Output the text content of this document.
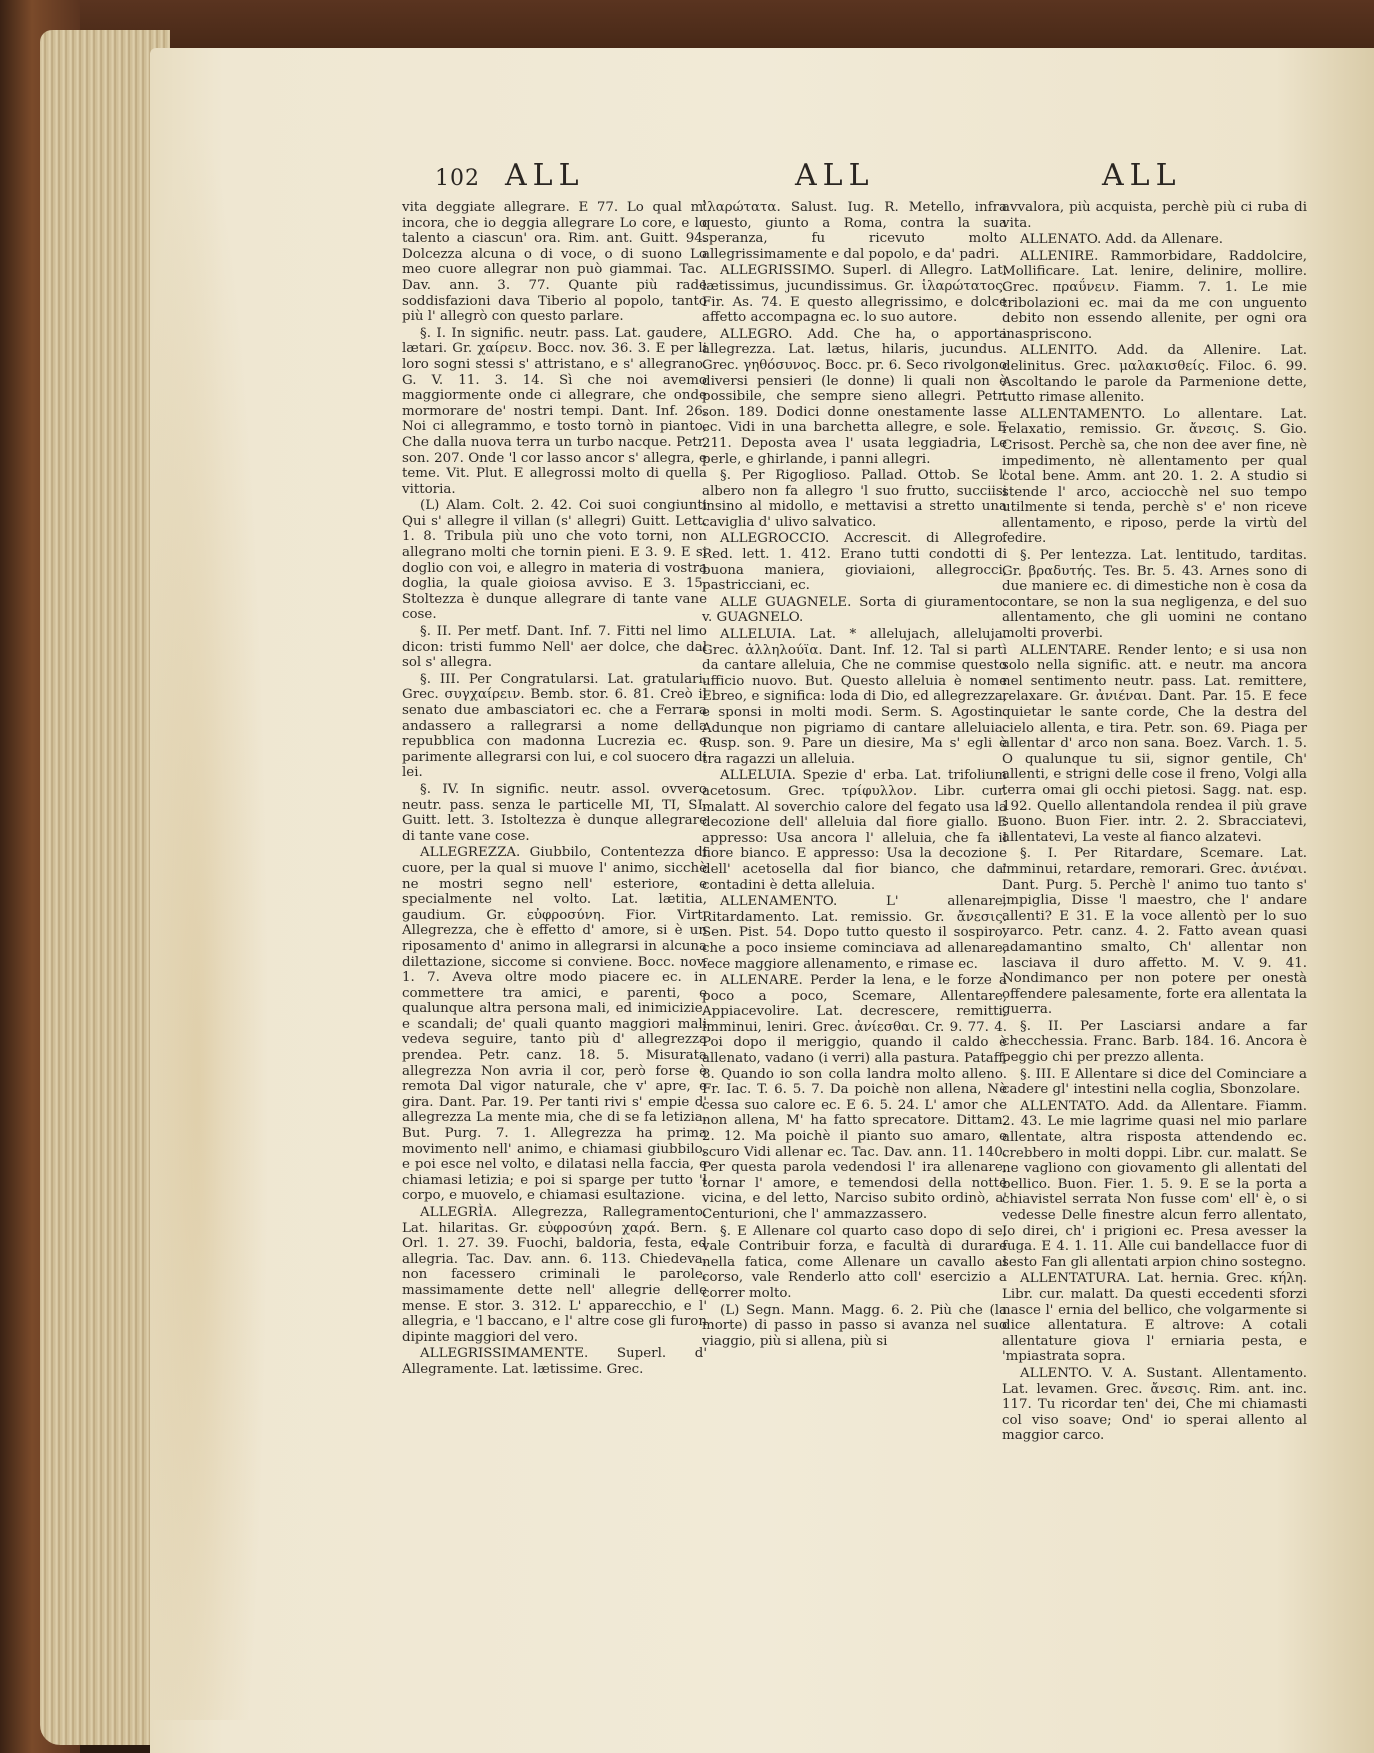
102 ALL	ALL	ALL

vita deggiate allegrare. E 77. Lo qual m' incora, che io deggia allegrare Lo core, e lo talento a ciascun' ora. Rim. ant. Guitt. 94. Dolcezza alcuna o di voce, o di suono Lo meo cuore allegrar non può giammai. Tac. Dav. ann. 3. 77. Quante più rade soddisfazioni dava Tiberio al popolo, tanto più l' allegrò con questo parlare.

§. I. In signific. neutr. pass. Lat. gaudere, lætari. Gr. χαίρειν. Bocc. nov. 36. 3. E per li loro sogni stessi s' attristano, e s' allegrano. G. V. 11. 3. 14. Sì che noi avemo maggiormente onde ci allegrare, che onde mormorare de' nostri tempi. Dant. Inf. 26. Noi ci allegrammo, e tosto tornò in pianto, Che dalla nuova terra un turbo nacque. Petr. son. 207. Onde 'l cor lasso ancor s' allegra, e teme. Vit. Plut. E allegrossi molto di quella vittoria.

(L) Alam. Colt. 2. 42. Coi suoi congiunti Qui s' allegre il villan (s' allegri) Guitt. Lett. 1. 8. Tribula più uno che voto torni, non allegrano molti che tornin pieni. E 3. 9. E si doglio con voi, e allegro in materia di vostra doglia, la quale gioiosa avviso. E 3. 15. Stoltezza è dunque allegrare di tante vane cose.

§. II. Per metf. Dant. Inf. 7. Fitti nel limo dicon: tristi fummo Nell' aer dolce, che dal sol s' allegra.

§. III. Per Congratularsi. Lat. gratulari. Grec. συγχαίρειν. Bemb. stor. 6. 81. Creò il senato due ambasciatori ec. che a Ferrara andassero a rallegrarsi a nome della repubblica con madonna Lucrezia ec. e parimente allegrarsi con lui, e col suocero di lei.

§. IV. In signific. neutr. assol. ovvero neutr. pass. senza le particelle MI, TI, SI. Guitt. lett. 3. Istoltezza è dunque allegrare di tante vane cose.

ALLEGREZZA. Giubbilo, Contentezza di cuore, per la qual si muove l' animo, sicchè ne mostri segno nell' esteriore, e specialmente nel volto. Lat. lætitia, gaudium. Gr. εὐφροσύνη. Fior. Virt. Allegrezza, che è effetto d' amore, si è un riposamento d' animo in allegrarsi in alcuna dilettazione, siccome si conviene. Bocc. nov. 1. 7. Aveva oltre modo piacere ec. in commettere tra amici, e parenti, e qualunque altra persona mali, ed inimicizie, e scandali; de' quali quanto maggiori mali vedeva seguire, tanto più d' allegrezza prendea. Petr. canz. 18. 5. Misurata allegrezza Non avria il cor, però forse è remota Dal vigor naturale, che v' apre, e gira. Dant. Par. 19. Per tanti rivi s' empie d' allegrezza La mente mia, che di se fa letizia. But. Purg. 7. 1. Allegrezza ha prima movimento nell' animo, e chiamasi giubbilo, e poi esce nel volto, e dilatasi nella faccia, e chiamasi letizia; e poi si sparge per tutto 'l corpo, e muovelo, e chiamasi esultazione.

ALLEGRÌA. Allegrezza, Rallegramento. Lat. hilaritas. Gr. εὐφροσύνη χαρά. Bern. Orl. 1. 27. 39. Fuochi, baldoria, festa, ed allegria. Tac. Dav. ann. 6. 113. Chiedeva, non facessero criminali le parole, massimamente dette nell' allegrie delle mense. E stor. 3. 312. L' apparecchio, e l' allegria, e 'l baccano, e l' altre cose gli furon dipinte maggiori del vero.

ALLEGRISSIMAMENTE. Superl. d' Allegramente. Lat. lætissime. Grec.

ἱλαρώτατα. Salust. Iug. R. Metello, infra questo, giunto a Roma, contra la sua speranza, fu ricevuto molto allegrissimamente e dal popolo, e da' padri.

ALLEGRISSIMO. Superl. di Allegro. Lat. lætissimus, jucundissimus. Gr. ἱλαρώτατος. Fir. As. 74. E questo allegrissimo, e dolce affetto accompagna ec. lo suo autore.

ALLEGRO. Add. Che ha, o apporta allegrezza. Lat. lætus, hilaris, jucundus. Grec. γηθόσυνος. Bocc. pr. 6. Seco rivolgono diversi pensieri (le donne) li quali non è possibile, che sempre sieno allegri. Petr. son. 189. Dodici donne onestamente lasse ec. Vidi in una barchetta allegre, e sole. E 211. Deposta avea l' usata leggiadria, Le perle, e ghirlande, i panni allegri.

§. Per Rigoglioso. Pallad. Ottob. Se l' albero non fa allegro 'l suo frutto, succiisi insino al midollo, e mettavisi a stretto una caviglia d' ulivo salvatico.

ALLEGROCCIO. Accrescit. di Allegro. Red. lett. 1. 412. Erano tutti condotti di buona maniera, gioviaioni, allegrocci, pastricciani, ec.

ALLE GUAGNELE. Sorta di giuramento. v. GUAGNELO.

ALLELUIA. Lat. * allelujach, alleluja. Grec. ἀλληλούϊα. Dant. Inf. 12. Tal si partì da cantare alleluia, Che ne commise questo ufficio nuovo. But. Questo alleluia è nome Ebreo, e significa: loda di Dio, ed allegrezza, e sponsi in molti modi. Serm. S. Agostin. Adunque non pigriamo di cantare alleluia. Rusp. son. 9. Pare un diesire, Ma s' egli è tra ragazzi un alleluia.

ALLELUIA. Spezie d' erba. Lat. trifolium acetosum. Grec. τρίφυλλον. Libr. cur. malatt. Al soverchio calore del fegato usa la decozione dell' alleluia dal fiore giallo. E appresso: Usa ancora l' alleluia, che fa il fiore bianco. E appresso: Usa la decozione dell' acetosella dal fior bianco, che da' contadini è detta alleluia.

ALLENAMENTO. L' allenare, Ritardamento. Lat. remissio. Gr. ἄνεσις. Sen. Pist. 54. Dopo tutto questo il sospiro, che a poco insieme cominciava ad allenare, fece maggiore allenamento, e rimase ec.

ALLENARE. Perder la lena, e le forze a poco a poco, Scemare, Allentare, Appiacevolire. Lat. decrescere, remitti, imminui, leniri. Grec. ἀνίεσθαι. Cr. 9. 77. 4. Poi dopo il meriggio, quando il caldo è allenato, vadano (i verri) alla pastura. Pataff. 8. Quando io son colla landra molto alleno. Fr. Iac. T. 6. 5. 7. Da poichè non allena, Nè cessa suo calore ec. E 6. 5. 24. L' amor che non allena, M' ha fatto sprecatore. Dittam. 2. 12. Ma poichè il pianto suo amaro, e scuro Vidi allenar ec. Tac. Dav. ann. 11. 140. Per questa parola vedendosi l' ira allenare, tornar l' amore, e temendosi della notte vicina, e del letto, Narciso subito ordinò, a' Centurioni, che l' ammazzassero.

§. E Allenare col quarto caso dopo di se, vale Contribuir forza, e facultà di durare nella fatica, come Allenare un cavallo al corso, vale Renderlo atto coll' esercizio a correr molto.

(L) Segn. Mann. Magg. 6. 2. Più che (la morte) di passo in passo si avanza nel suo viaggio, più si allena, più si

avvalora, più acquista, perchè più ci ruba di vita.

ALLENATO. Add. da Allenare.

ALLENIRE. Rammorbidare, Raddolcire, Mollificare. Lat. lenire, delinire, mollire. Grec. πραΰνειν. Fiamm. 7. 1. Le mie tribolazioni ec. mai da me con unguento debito non essendo allenite, per ogni ora inaspriscono.

ALLENITO. Add. da Allenire. Lat. delinitus. Grec. μαλακισθείς. Filoc. 6. 99. Ascoltando le parole da Parmenione dette, tutto rimase allenito.

ALLENTAMENTO. Lo allentare. Lat. relaxatio, remissio. Gr. ἄνεσις. S. Gio. Crisost. Perchè sa, che non dee aver fine, nè impedimento, nè allentamento per qual cotal bene. Amm. ant 20. 1. 2. A studio si stende l' arco, acciocchè nel suo tempo utilmente si tenda, perchè s' e' non riceve allentamento, e riposo, perde la virtù del fedire.

§. Per lentezza. Lat. lentitudo, tarditas. Gr. βραδυτής. Tes. Br. 5. 43. Arnes sono di due maniere ec. di dimestiche non è cosa da contare, se non la sua negligenza, e del suo allentamento, che gli uomini ne contano molti proverbi.

ALLENTARE. Render lento; e si usa non solo nella signific. att. e neutr. ma ancora nel sentimento neutr. pass. Lat. remittere, relaxare. Gr. ἀνιέναι. Dant. Par. 15. E fece quietar le sante corde, Che la destra del cielo allenta, e tira. Petr. son. 69. Piaga per allentar d' arco non sana. Boez. Varch. 1. 5. O qualunque tu sii, signor gentile, Ch' allenti, e strigni delle cose il freno, Volgi alla terra omai gli occhi pietosi. Sagg. nat. esp. 192. Quello allentandola rendea il più grave suono. Buon Fier. intr. 2. 2. Sbracciatevi, allentatevi, La veste al fianco alzatevi.

§. I. Per Ritardare, Scemare. Lat. imminui, retardare, remorari. Grec. ἀνιέναι. Dant. Purg. 5. Perchè l' animo tuo tanto s' impiglia, Disse 'l maestro, che l' andare allenti? E 31. E la voce allentò per lo suo varco. Petr. canz. 4. 2. Fatto avean quasi adamantino smalto, Ch' allentar non lasciava il duro affetto. M. V. 9. 41. Nondimanco per non potere per onestà offendere palesamente, forte era allentata la guerra.

§. II. Per Lasciarsi andare a far checchessia. Franc. Barb. 184. 16. Ancora è peggio chi per prezzo allenta.

§. III. E Allentare si dice del Cominciare a cadere gl' intestini nella coglia, Sbonzolare.

ALLENTATO. Add. da Allentare. Fiamm. 2. 43. Le mie lagrime quasi nel mio parlare allentate, altra risposta attendendo ec. crebbero in molti doppi. Libr. cur. malatt. Se ne vagliono con giovamento gli allentati del bellico. Buon. Fier. 1. 5. 9. E se la porta a chiavistel serrata Non fusse com' ell' è, o si vedesse Delle finestre alcun ferro allentato, Io direi, ch' i prigioni ec. Presa avesser la fuga. E 4. 1. 11. Alle cui bandellacce fuor di sesto Fan gli allentati arpion chino sostegno.

ALLENTATURA. Lat. hernia. Grec. κήλη. Libr. cur. malatt. Da questi eccedenti sforzi nasce l' ernia del bellico, che volgarmente si dice allentatura. E altrove: A cotali allentature giova l' erniaria pesta, e 'mpiastrata sopra.

ALLENTO. V. A. Sustant. Allentamento. Lat. levamen. Grec. ἄνεσις. Rim. ant. inc. 117. Tu ricordar ten' dei, Che mi chiamasti col viso soave; Ond' io sperai allento al maggior carco.
